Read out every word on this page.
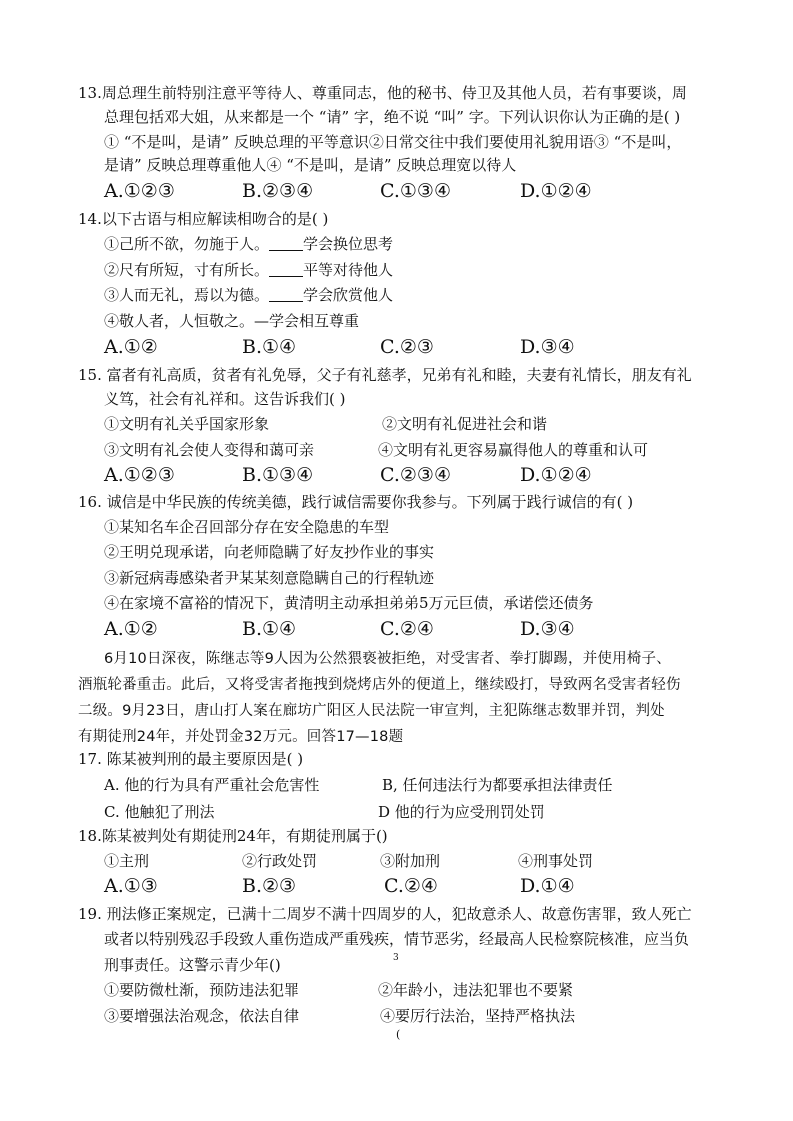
13.周总理生前特别注意平等待人、尊重同志，他的秘书、侍卫及其他人员，若有事要谈，周
总理包括邓大姐，从来都是一个 “请” 字，绝不说 “叫” 字。下列认识你认为正确的是( )
① “不是叫，是请” 反映总理的平等意识②日常交往中我们要使用礼貌用语③ “不是叫，
是请” 反映总理尊重他人④ “不是叫，是请” 反映总理宽以待人
A.①②③	B.②③④	C.①③④	D.①②④
14.以下古语与相应解读相吻合的是( )
①己所不欲，勿施于人。 学会换位思考
②尺有所短，寸有所长。 平等对待他人
③人而无礼，焉以为德。 学会欣赏他人
④敬人者，人恒敬之。—学会相互尊重
A.①②	B.①④	C.②③	D.③④
15. 富者有礼高质，贫者有礼免辱，父子有礼慈孝，兄弟有礼和睦，夫妻有礼情长，朋友有礼
义笃，社会有礼祥和。这告诉我们( )
①文明有礼关乎国家形象	②文明有礼促进社会和谐
③文明有礼会使人变得和蔼可亲	④文明有礼更容易赢得他人的尊重和认可
A.①②③	B.①③④	C.②③④	D.①②④
16. 诚信是中华民族的传统美德，践行诚信需要你我参与。下列属于践行诚信的有( )
①某知名车企召回部分存在安全隐患的车型
②王明兑现承诺，向老师隐瞒了好友抄作业的事实
③新冠病毒感染者尹某某刻意隐瞒自己的行程轨迹
④在家境不富裕的情况下，黄清明主动承担弟弟5万元巨债，承诺偿还债务
A.①②	B.①④	C.②④	D.③④
6月10日深夜，陈继志等9人因为公然猥亵被拒绝，对受害者、拳打脚踢，并使用椅子、
酒瓶轮番重击。此后，又将受害者拖拽到烧烤店外的便道上，继续殴打，导致两名受害者轻伤
二级。9月23日，唐山打人案在廊坊广阳区人民法院一审宣判，主犯陈继志数罪并罚，判处
有期徒刑24年，并处罚金32万元。回答17—18题
17. 陈某被判刑的最主要原因是( )
A. 他的行为具有严重社会危害性	B, 任何违法行为都要承担法律责任
C. 他触犯了刑法	D 他的行为应受刑罚处罚
18.陈某被判处有期徒刑24年，有期徒刑属于()
①主刑	②行政处罚	③附加刑	④刑事处罚
A.①③	B.②③	C.②④	D.①④
19. 刑法修正案规定，已满十二周岁不满十四周岁的人，犯故意杀人、故意伤害罪，致人死亡
或者以特别残忍手段致人重伤造成严重残疾，情节恶劣，经最高人民检察院核准，应当负
刑事责任。这警示青少年()	3
①要防微杜渐，预防违法犯罪	②年龄小，违法犯罪也不要紧
③要增强法治观念，依法自律	④要厉行法治，坚持严格执法
(
